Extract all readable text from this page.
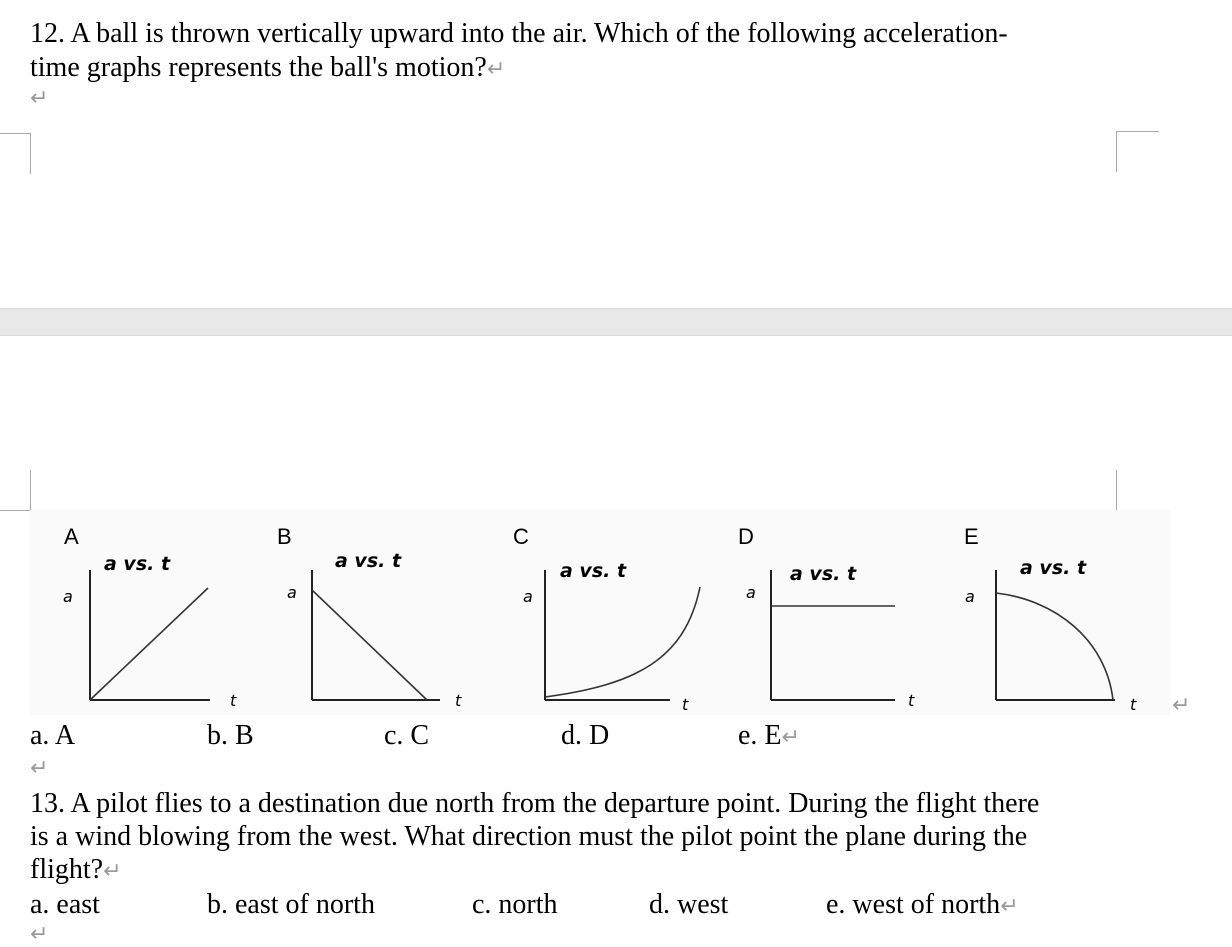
12. A ball is thrown vertically upward into the air. Which of the following acceleration-
time graphs represents the ball's motion?↵
↵
A
a vs. t
a
t
B
a vs. t
a
t
C
a vs. t
a
t
D
a vs. t
a
t
E
a vs. t
a
t ↵
a. A	b. B	c. C	d. D	e. E↵
↵
13. A pilot flies to a destination due north from the departure point. During the flight there
is a wind blowing from the west. What direction must the pilot point the plane during the
flight?↵
a. east	b. east of north	c. north	d. west	e. west of north↵
↵
